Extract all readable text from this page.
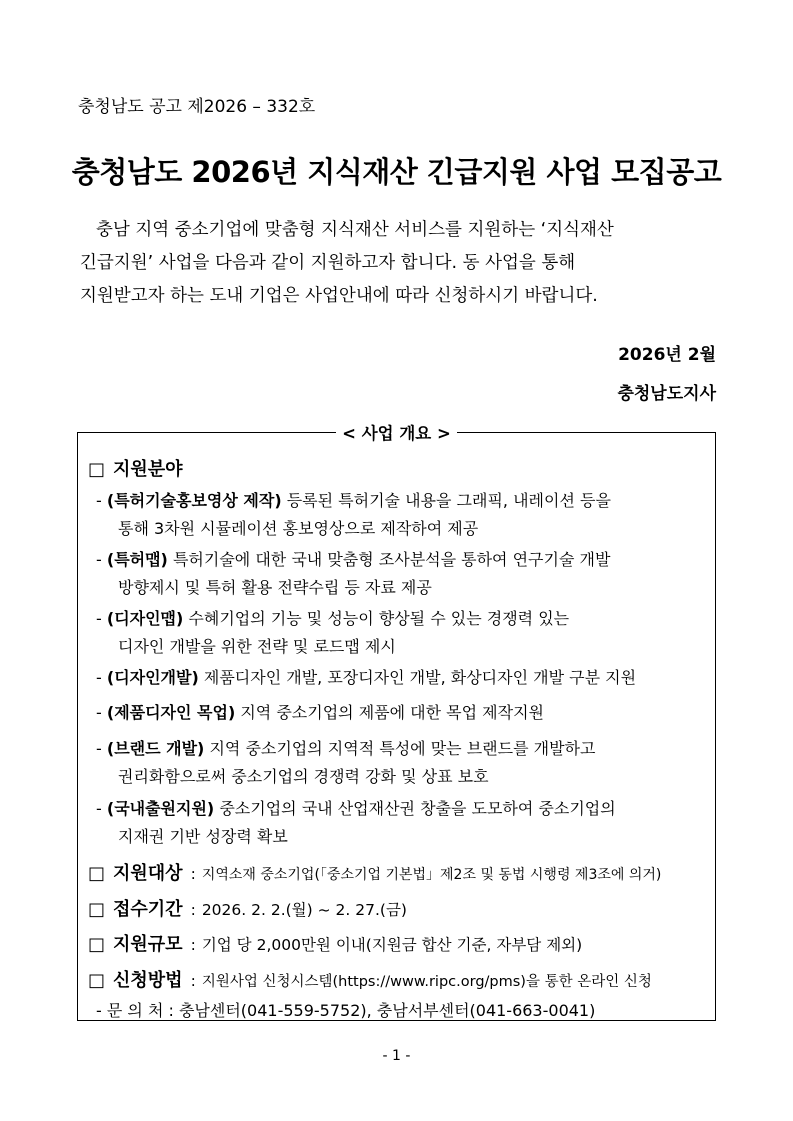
충청남도 공고 제2026 – 332호
충청남도 2026년 지식재산 긴급지원 사업 모집공고
충남 지역 중소기업에 맞춤형 지식재산 서비스를 지원하는 ‘지식재산
긴급지원’ 사업을 다음과 같이 지원하고자 합니다. 동 사업을 통해
지원받고자 하는 도내 기업은 사업안내에 따라 신청하시기 바랍니다.
2026년 2월
충청남도지사
< 사업 개요 >
□ 지원분야
- (특허기술홍보영상 제작) 등록된 특허기술 내용을 그래픽, 내레이션 등을
통해 3차원 시뮬레이션 홍보영상으로 제작하여 제공
- (특허맵) 특허기술에 대한 국내 맞춤형 조사분석을 통하여 연구기술 개발
방향제시 및 특허 활용 전략수립 등 자료 제공
- (디자인맵) 수혜기업의 기능 및 성능이 향상될 수 있는 경쟁력 있는
디자인 개발을 위한 전략 및 로드맵 제시
- (디자인개발) 제품디자인 개발, 포장디자인 개발, 화상디자인 개발 구분 지원
- (제품디자인 목업) 지역 중소기업의 제품에 대한 목업 제작지원
- (브랜드 개발) 지역 중소기업의 지역적 특성에 맞는 브랜드를 개발하고
권리화함으로써 중소기업의 경쟁력 강화 및 상표 보호
- (국내출원지원) 중소기업의 국내 산업재산권 창출을 도모하여 중소기업의
지재권 기반 성장력 확보
□ 지원대상 : 지역소재 중소기업(「중소기업 기본법」제2조 및 동법 시행령 제3조에 의거)
□ 접수기간 : 2026. 2. 2.(월) ~ 2. 27.(금)
□ 지원규모 : 기업 당 2,000만원 이내(지원금 합산 기준, 자부담 제외)
□ 신청방법 : 지원사업 신청시스템(https://www.ripc.org/pms)을 통한 온라인 신청
- 문 의 처 : 충남센터(041-559-5752), 충남서부센터(041-663-0041)
- 1 -
